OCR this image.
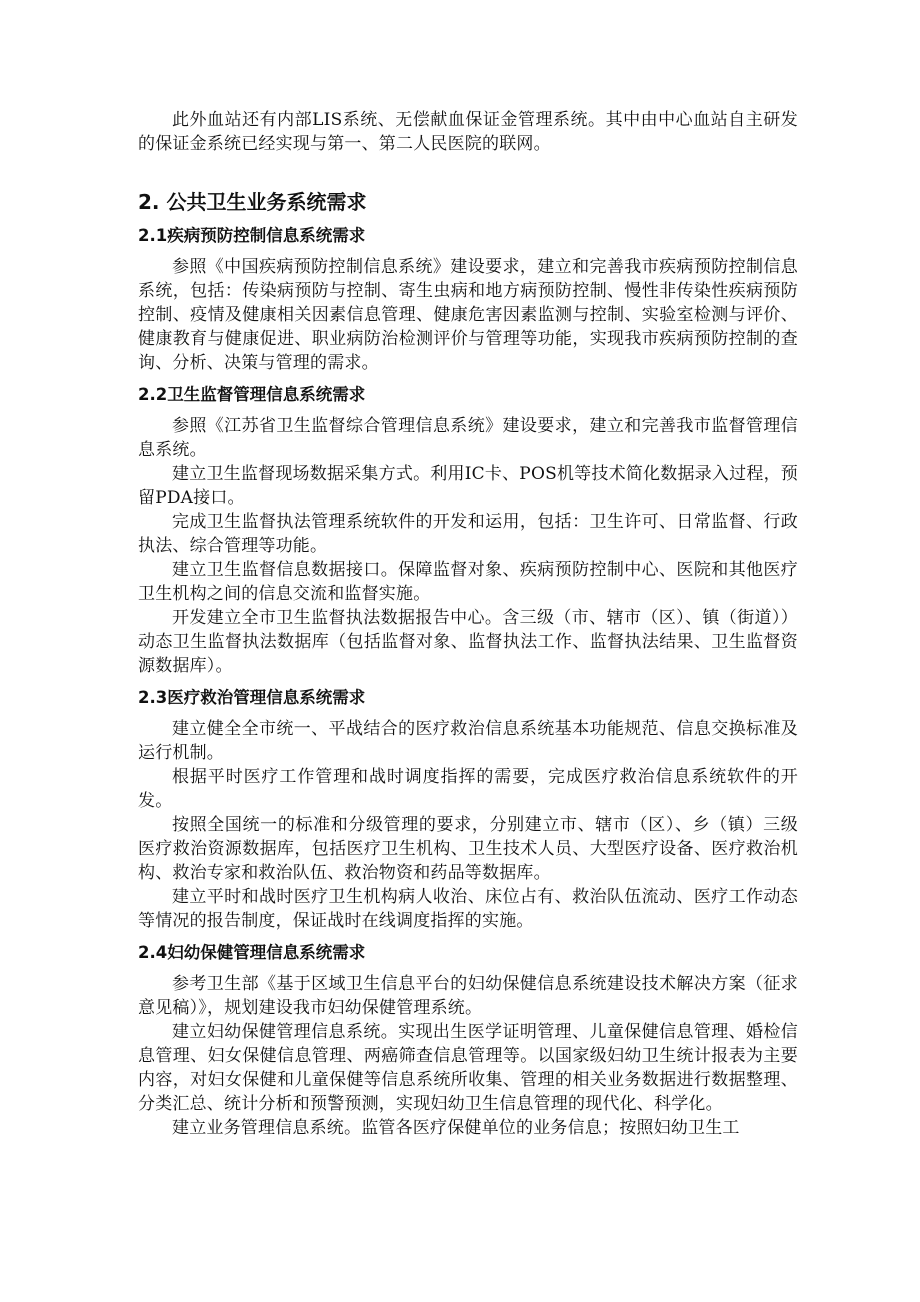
此外血站还有内部LIS系统、无偿献血保证金管理系统。其中由中心血站自主研发的保证金系统已经实现与第一、第二人民医院的联网。

2. 公共卫生业务系统需求
2.1疾病预防控制信息系统需求

参照《中国疾病预防控制信息系统》建设要求，建立和完善我市疾病预防控制信息系统，包括：传染病预防与控制、寄生虫病和地方病预防控制、慢性非传染性疾病预防控制、疫情及健康相关因素信息管理、健康危害因素监测与控制、实验室检测与评价、健康教育与健康促进、职业病防治检测评价与管理等功能，实现我市疾病预防控制的查询、分析、决策与管理的需求。

2.2卫生监督管理信息系统需求

参照《江苏省卫生监督综合管理信息系统》建设要求，建立和完善我市监督管理信息系统。

建立卫生监督现场数据采集方式。利用IC卡、POS机等技术简化数据录入过程，预留PDA接口。

完成卫生监督执法管理系统软件的开发和运用，包括：卫生许可、日常监督、行政执法、综合管理等功能。

建立卫生监督信息数据接口。保障监督对象、疾病预防控制中心、医院和其他医疗卫生机构之间的信息交流和监督实施。

开发建立全市卫生监督执法数据报告中心。含三级（市、辖市（区）、镇（街道））动态卫生监督执法数据库（包括监督对象、监督执法工作、监督执法结果、卫生监督资源数据库）。

2.3医疗救治管理信息系统需求

建立健全全市统一、平战结合的医疗救治信息系统基本功能规范、信息交换标准及运行机制。

根据平时医疗工作管理和战时调度指挥的需要，完成医疗救治信息系统软件的开发。

按照全国统一的标准和分级管理的要求，分别建立市、辖市（区）、乡（镇）三级医疗救治资源数据库，包括医疗卫生机构、卫生技术人员、大型医疗设备、医疗救治机构、救治专家和救治队伍、救治物资和药品等数据库。

建立平时和战时医疗卫生机构病人收治、床位占有、救治队伍流动、医疗工作动态等情况的报告制度，保证战时在线调度指挥的实施。

2.4妇幼保健管理信息系统需求

参考卫生部《基于区域卫生信息平台的妇幼保健信息系统建设技术解决方案（征求意见稿）》，规划建设我市妇幼保健管理系统。

建立妇幼保健管理信息系统。实现出生医学证明管理、儿童保健信息管理、婚检信息管理、妇女保健信息管理、两癌筛查信息管理等。以国家级妇幼卫生统计报表为主要内容，对妇女保健和儿童保健等信息系统所收集、管理的相关业务数据进行数据整理、分类汇总、统计分析和预警预测，实现妇幼卫生信息管理的现代化、科学化。

建立业务管理信息系统。监管各医疗保健单位的业务信息；按照妇幼卫生工
